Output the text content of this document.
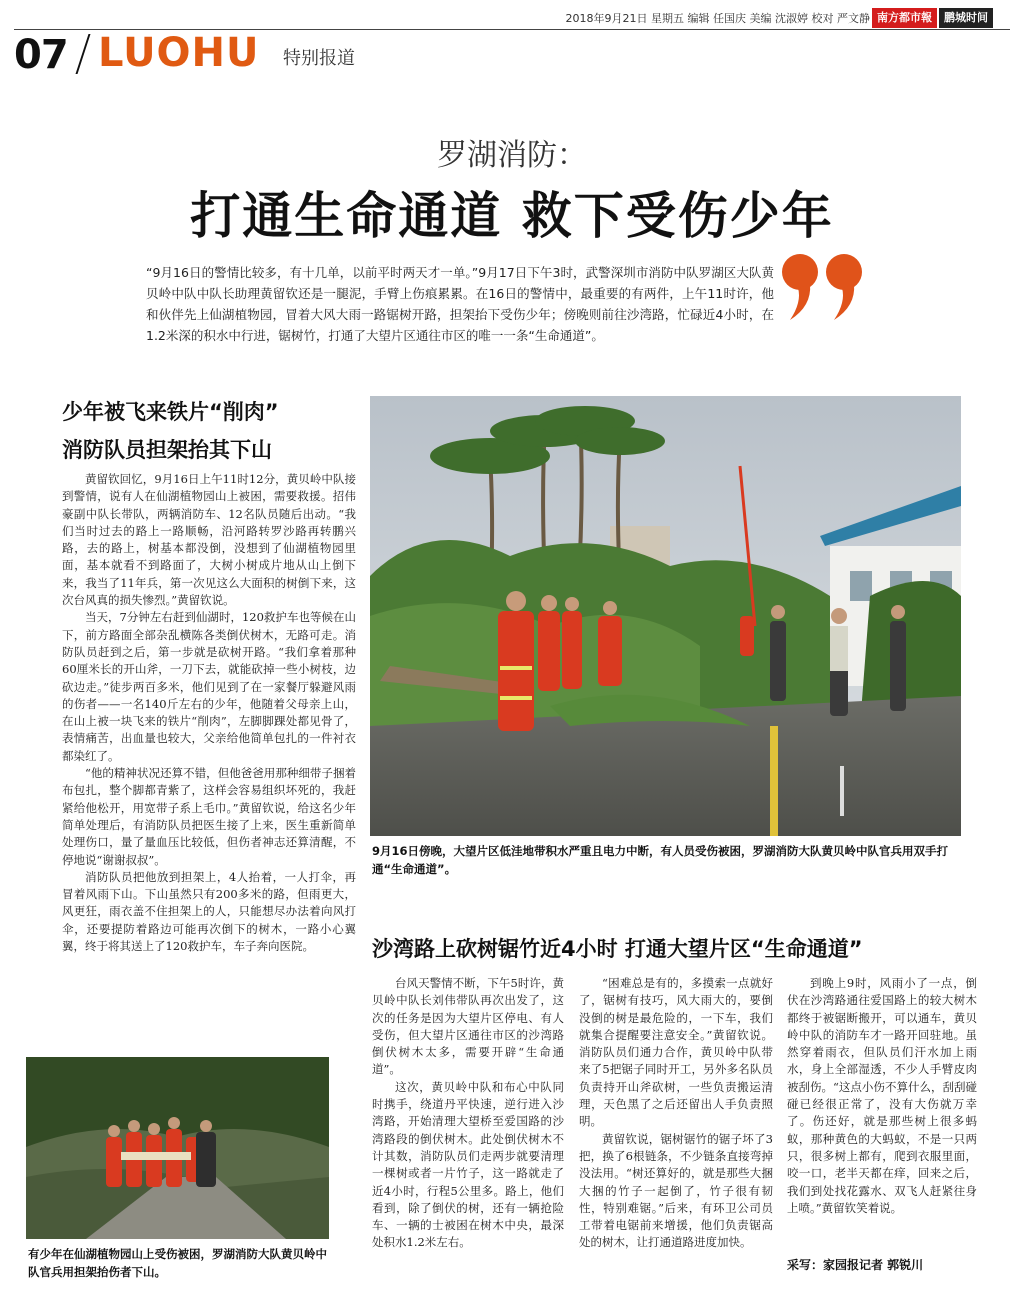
2018年9月21日 星期五 编辑 任国庆 美编 沈淑婷 校对 严文静 南方都市報	鹏城时间
07 LUOHU 特别报道
罗湖消防：
打通生命通道 救下受伤少年
“9月16日的警情比较多，有十几单，以前平时两天才一单。”9月17日下午3时，武警深圳市消防中队罗湖区大队黄贝岭中队中队长助理黄留钦还是一腿泥，手臂上伤痕累累。在16日的警情中，最重要的有两件，上午11时许，他和伙伴先上仙湖植物园，冒着大风大雨一路锯树开路，担架抬下受伤少年；傍晚则前往沙湾路，忙碌近4小时，在1.2米深的积水中行进，锯树竹，打通了大望片区通往市区的唯一一条“生命通道”。
少年被飞来铁片“削肉”
消防队员担架抬其下山

黄留钦回忆，9月16日上午11时12分，黄贝岭中队接到警情，说有人在仙湖植物园山上被困，需要救援。招伟豪副中队长带队，两辆消防车、12名队员随后出动。“我们当时过去的路上一路顺畅，沿河路转罗沙路再转鹏兴路，去的路上，树基本都没倒，没想到了仙湖植物园里面，基本就看不到路面了，大树小树成片地从山上倒下来，我当了11年兵，第一次见这么大面积的树倒下来，这次台风真的损失惨烈。”黄留钦说。

当天，7分钟左右赶到仙湖时，120救护车也等候在山下，前方路面全部杂乱横陈各类倒伏树木，无路可走。消防队员赶到之后，第一步就是砍树开路。“我们拿着那种60厘米长的开山斧，一刀下去，就能砍掉一些小树枝，边砍边走。”徒步两百多米，他们见到了在一家餐厅躲避风雨的伤者——一名140斤左右的少年，他随着父母亲上山，在山上被一块飞来的铁片“削肉”，左脚脚踝处都见骨了，表情痛苦，出血量也较大，父亲给他简单包扎的一件衬衣都染红了。

“他的精神状况还算不错，但他爸爸用那种细带子捆着布包扎，整个脚都青紫了，这样会容易组织坏死的，我赶紧给他松开，用宽带子系上毛巾。”黄留钦说，给这名少年简单处理后，有消防队员把医生接了上来，医生重新简单处理伤口，量了量血压比较低，但伤者神志还算清醒，不停地说“谢谢叔叔”。

消防队员把他放到担架上，4人抬着，一人打伞，再冒着风雨下山。下山虽然只有200多米的路，但雨更大，风更狂，雨衣盖不住担架上的人，只能想尽办法着向风打伞，还要提防着路边可能再次倒下的树木，一路小心翼翼，终于将其送上了120救护车，车子奔向医院。

9月16日傍晚，大望片区低洼地带积水严重且电力中断，有人员受伤被困，罗湖消防大队黄贝岭中队官兵用双手打通“生命通道”。
有少年在仙湖植物园山上受伤被困，罗湖消防大队黄贝岭中队官兵用担架抬伤者下山。
沙湾路上砍树锯竹近4小时 打通大望片区“生命通道”

台风天警情不断，下午5时许，黄贝岭中队长刘伟带队再次出发了，这次的任务是因为大望片区停电、有人受伤，但大望片区通往市区的沙湾路倒伏树木太多，需要开辟“生命通道”。

这次，黄贝岭中队和布心中队同时携手，绕道丹平快速，逆行进入沙湾路，开始清理大望桥至爱国路的沙湾路段的倒伏树木。此处倒伏树木不计其数，消防队员们走两步就要清理一棵树或者一片竹子，这一路就走了近4小时，行程5公里多。路上，他们看到，除了倒伏的树，还有一辆抢险车、一辆的士被困在树木中央，最深处积水1.2米左右。

“困难总是有的，多摸索一点就好了，锯树有技巧，风大雨大的，要倒没倒的树是最危险的，一下车，我们就集合提醒要注意安全。”黄留钦说。消防队员们通力合作，黄贝岭中队带来了5把锯子同时开工，另外多名队员负责持开山斧砍树，一些负责搬运清理，天色黑了之后还留出人手负责照明。

黄留钦说，锯树锯竹的锯子坏了3把，换了6根链条，不少链条直接弯掉没法用。“树还算好的，就是那些大捆大捆的竹子一起倒了，竹子很有韧性，特别难锯。”后来，有环卫公司员工带着电锯前来增援，他们负责锯高处的树木，让打通道路进度加快。

到晚上9时，风雨小了一点，倒伏在沙湾路通往爱国路上的较大树木都终于被锯断搬开，可以通车，黄贝岭中队的消防车才一路开回驻地。虽然穿着雨衣，但队员们汗水加上雨水，身上全部湿透，不少人手臂皮肉被刮伤。“这点小伤不算什么，刮刮碰碰已经很正常了，没有大伤就万幸了。伤还好，就是那些树上很多蚂蚁，那种黄色的大蚂蚁，不是一只两只，很多树上都有，爬到衣服里面，咬一口，老半天都在痒，回来之后，我们到处找花露水、双飞人赶紧往身上喷。”黄留钦笑着说。

采写：家园报记者 郭锐川
